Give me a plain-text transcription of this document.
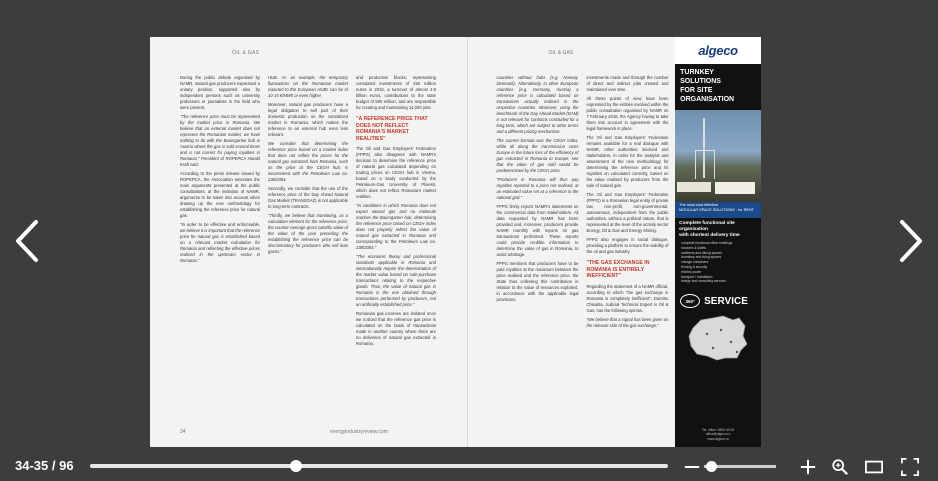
OIL & GAS

During the public debate organised by NAMR, natural gas producers expressed a unitary position, supported also by independent persons such as university professors or journalists in the field who were present.

"The reference price must be represented by the market price in Romania. We believe that an external market does not represent the Romanian market, we have nothing to do with the Baumgarten hub in Austria where the gas is sold several times and is not correct for paying royalties in Romania," President of ROPEPCA Harald Kraft said.

According to the press release issued by ROPEPCA, the Association reiterates the main arguments presented at the public consultations, at the invitation of NAMR, arguments to be taken into account when drawing up the new methodology for establishing the reference price for natural gas.

"In order to be effective and enforceable, we believe it is important that the reference price for natural gas is established based on a relevant market calculation for Romania and reflecting the effective prices realised in the upstream sector in Romania."

HUB. As an example, the temporary fluctuations on the Romanian market reported to the European HUBs can be of 10-15 €/MWh or even higher.

Moreover, natural gas producers have a legal obligation to sell part of their domestic production on the centralized market in Romania, which makes the reference to an external hub even less relevant.

We consider that determining the reference price based on a market index that does not reflect the prices for the natural gas extracted from Romania, such as the price at the CEGH hub, is inconsistent with the Petroleum Law no. 238/2004.

Secondly, we consider that the use of the reference price of the Day Ahead Natural Gas Market (TRANSGAZ) is not applicable to long-term contracts.

"Thirdly, we believe that monitoring, as a calculation element for the reference price, the counter-average gross calorific value of the value of the year preceding the establishing the reference price can be discriminatory for producers who sell lean gases."

and production blocks, representing cumulated investments of 450 million euros in 2016, a turnover of almost 2.9 billion euros, contributions to the state budget of 500 million, and are responsible for creating and maintaining 14,000 jobs.

"A REFERENCE PRICE THAT DOES NOT REFLECT ROMANIA'S MARKET REALITIES"

The Oil and Gas Employers' Federation (FPPG) also disagrees with NAMR's decision to determine the reference price of natural gas calculated depending on trading prices on CEGH hub in Vienna, based on a study conducted by the Petroleum-Gas University of Ploiesti, which does not reflect Romania's market realities.

"In conditions in which Romania does not export natural gas and no molecule reaches the Baumgarten hub, determining the reference price based on CEGH index does not properly reflect the value of natural gas extracted in Romania and corresponding to the Petroleum Law no. 238/2004."

"The economic theory and professional standards applicable in Romania and internationally require the determination of the market value based on sale-purchase transactions relating to the respective goods. Thus, the value of natural gas in Romania is the one obtained through transactions performed by producers, not an artificially established price."

Romanian gas incomes are isolated once we noticed that the reference gas price is calculated on the basis of transactions made in another country where there are no deliveries of natural gas extracted in Romania.

34	energyindustryreview.com
OIL & GAS

countries without hubs (e.g. Norway, Denmark). Alternatively, in other European countries (e.g. Germany, Austria) a reference price is calculated based on transactions actually realised in the respective countries. Moreover, using the benchmark of the Day Ahead Market (DAM) is not relevant for contracts concluded for a long term, which are subject to other terms and a different pricing mechanism.

The current formula was the CEGH index, while all along the transmission costs Europe in the future loss of the efficiency of gas extracted in Romania to Europe, see that the value of gas sold would be predetermined by the CEGH price.

"Producers in Romania will thus pay royalties reported to a price not realised, at an estimated value set at a reference in the national grid."

FPPG firmly rejects NAMR's statements on the commercial data from stakeholders. All data requested by NAMR has been provided and, moreover, producers provide NAMR monthly with reports on gas transactions performed. These reports could provide credible information to determine the value of gas in Romania, to avoid arbitrage.

FPPG mentions that producers have to be paid royalties at the maximum between the price realised and the reference price, the State thus collecting this contribution in relation to the value of resources exploited, in accordance with the applicable legal provisions.

investments made and through the number of direct and indirect jobs created and maintained over time.

All these points of view have been expressed by the entities involved within the public consultation organised by NAMR on 7 February 2018, the Agency having to take them into account in agreement with the legal framework in place.

The Oil and Gas Employers' Federation remains available for a real dialogue with NAMR, other authorities involved and stakeholders, in order for the analysis and assessment of the new methodology for determining the reference price and its royalties on calculated correctly, based on the value realised by producers from the sale of natural gas.

The Oil and Gas Employers' Federation (FPPG) is a Romanian legal entity of private law, non-profit, non-governmental, autonomous, independent from the public authorities, without a political nature, that is represented at the level of the activity sector Energy, Oil & Gas and Energy Mining.

FPPG also engages in social dialogue, providing a platform to ensure the viability of the oil and gas industry.

"THE GAS EXCHANGE IN ROMANIA IS ENTIRELY INEFFICIENT"

Regarding the statement of a NAMR official, according to which "the gas exchange in Romania is completely inefficient", Dumitru Chisalita, Judicial Technical Expert in Oil & Gas, has the following opinion.

"We believe that a signal has been given on the relevant side of the gas exchange."

algeco
TURNKEY SOLUTIONS
FOR SITE ORGANISATION
The most cost effective
MODULAR SPACE SOLUTIONS - for RENT
Complete functional site organisation
with shortest delivery time
complete functional office buildings
showers & toilets
canteens and dining spaces
dormitory and living spaces
storage containers
fencing & security
electric power
transport / installation
design and consulting services
360° SERVICE
Tel. office: 0800 00 00
office@algeco.ro
www.algeco.ro
34-35 / 96
